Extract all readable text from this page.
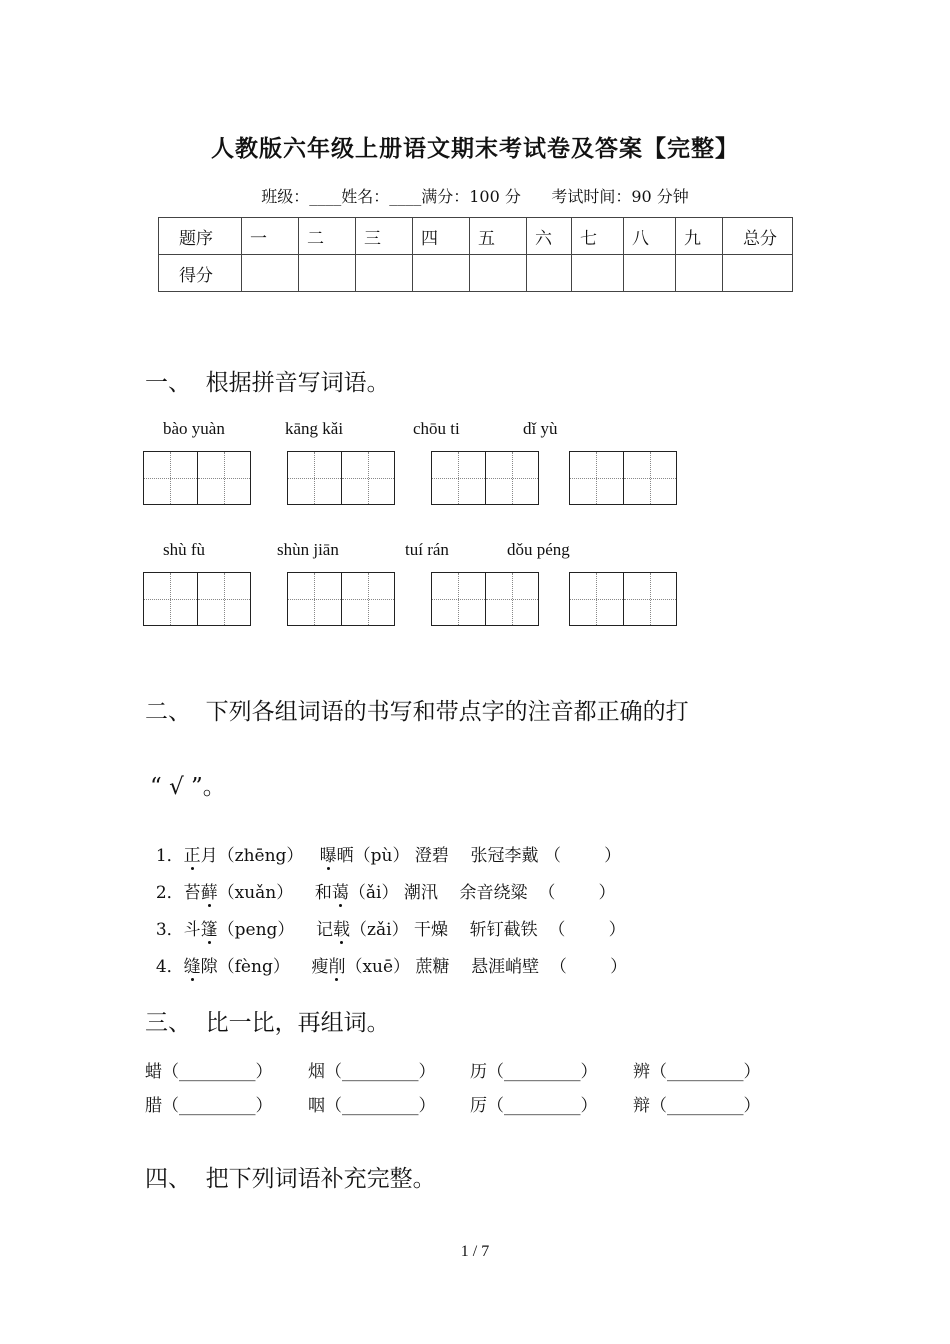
人教版六年级上册语文期末考试卷及答案【完整】
班级：____姓名：____满分：100 分      考试时间：90 分钟
题序	一	二	三	四	五	六	七	八	九	总分
得分										
一、  根据拼音写词语。
bào yuàn	kāng kǎi	chōu ti	dǐ yù
shù fù	shùn jiān	tuí rán	dǒu péng
二、  下列各组词语的书写和带点字的注音都正确的打
“ √ ”。

1．正月（zhēng） 曝晒（pù） 澄碧 张冠李戴 （        ）

2．苔藓（xuǎn）    和蔼（ǎi） 潮汛 余音绕粱 （        ）

3．斗篷（peng）    记载（zǎi） 干燥 斩钉截铁 （        ）

4．缝隙（fèng）    瘦削（xuē） 蔗糖 悬涯峭壁 （        ）

三、  比一比，再组词。
蜡（_________） 烟（_________） 历（_________） 辨（_________）
腊（_________） 咽（_________） 厉（_________） 辩（_________）
四、  把下列词语补充完整。
1 / 7
